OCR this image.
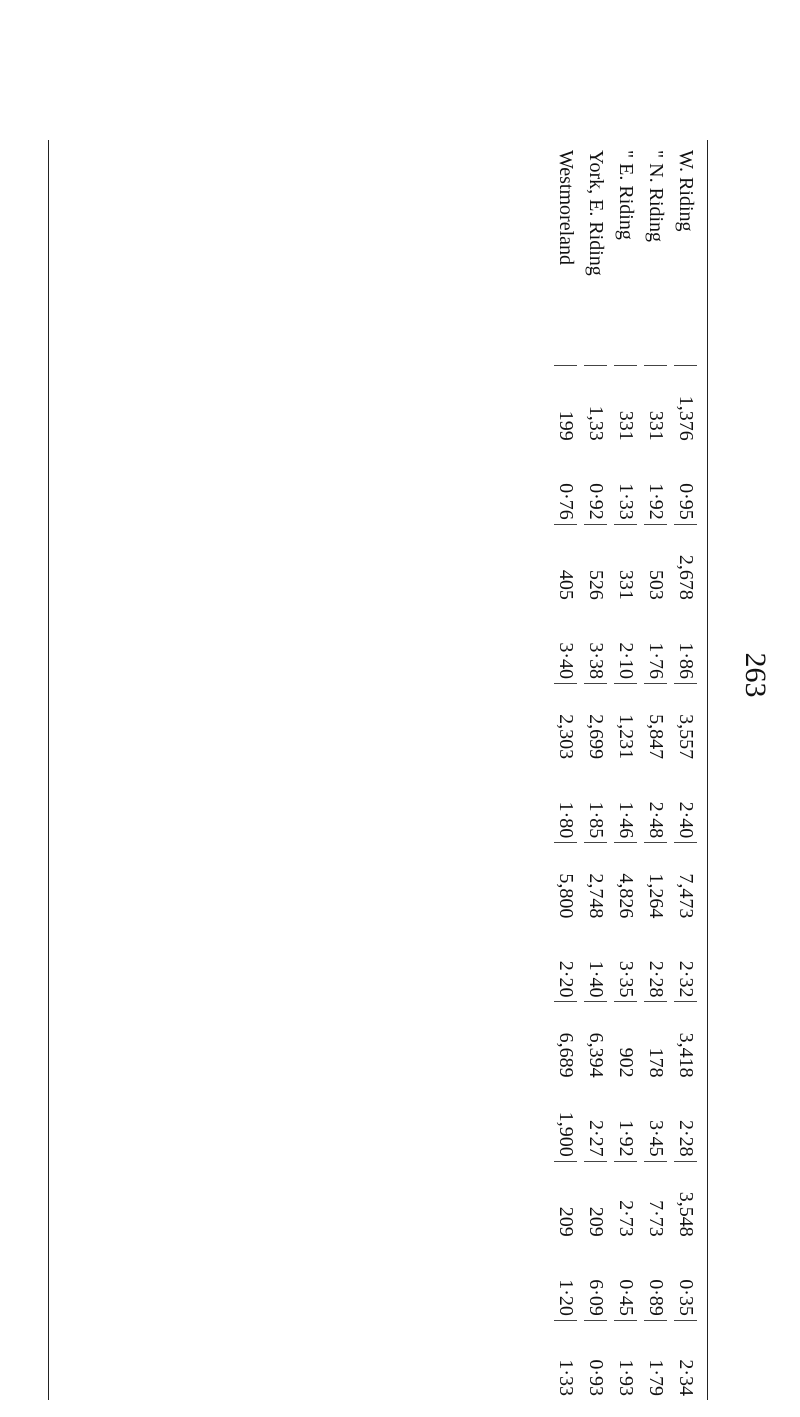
263
W. Riding
1,376
0·95
2,678
1·86
3,557
2·40
7,473
2·32
3,418
2·28
3,548
0·35
2·34
" N. Riding
331
1·92
503
1·76
5,847
2·48
1,264
2·28
178
3·45
7·73
0·89
1·79
" E. Riding
331
1·33
331
2·10
1,231
1·46
4,826
3·35
902
1·92
2·73
0·45
1·93
York, E. Riding
1,33
0·92
526
3·38
2,699
1·85
2,748
1·40
6,394
2·27
209
6·09
0·93
Westmoreland
199
0·76
405
3·40
2,303
1·80
5,800
2·20
6,689
1,900
209
1·20
1·33
